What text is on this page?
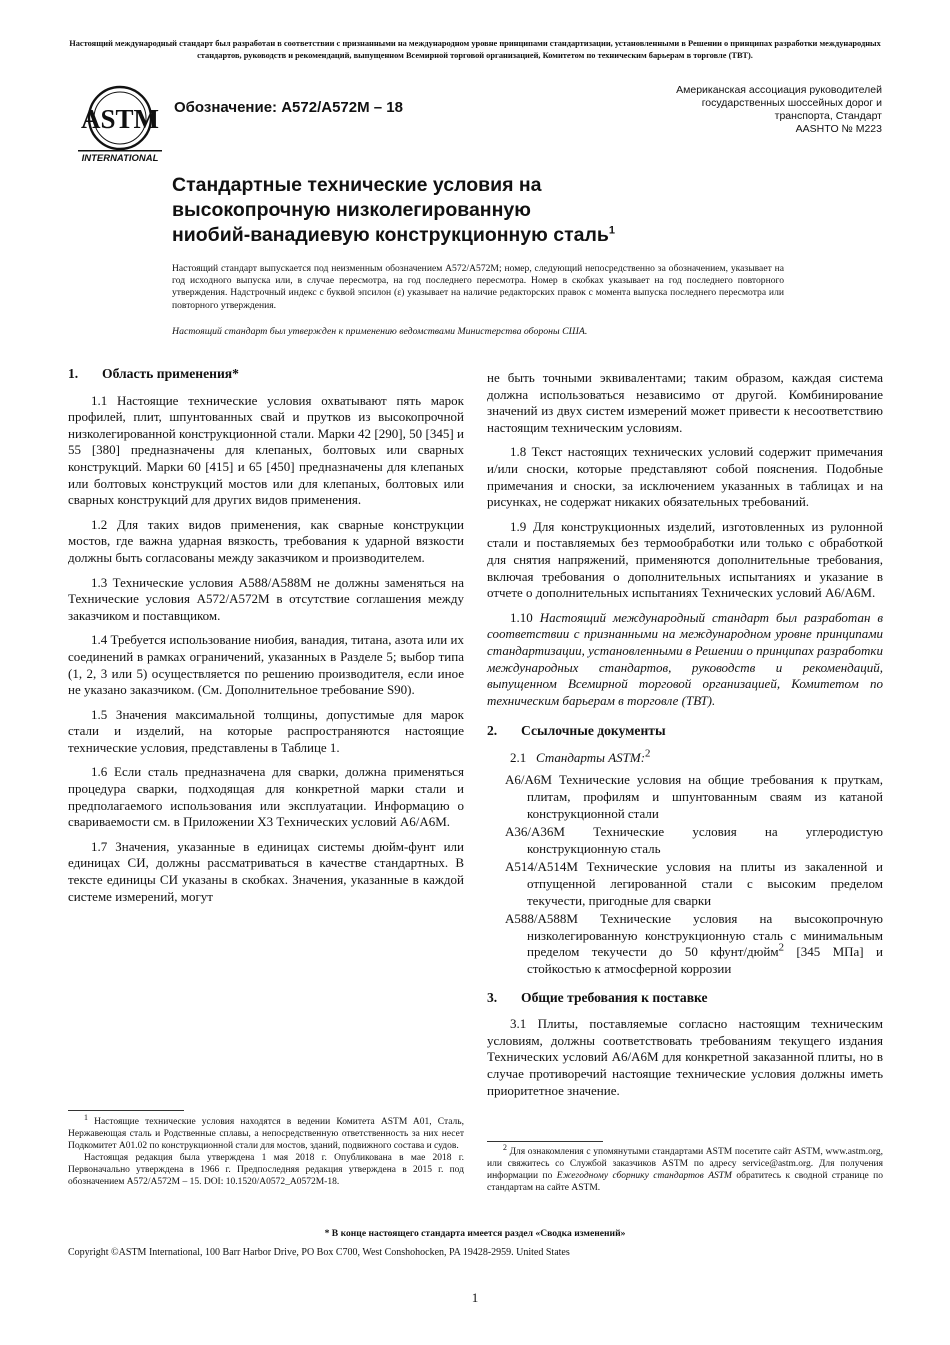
Настоящий международный стандарт был разработан в соответствии с признанными на международном уровне принципами стандартизации, установленными в Решении о принципах разработки международных стандартов, руководств и рекомендаций, выпущенном Всемирной торговой организацией, Комитетом по техническим барьерам в торговле (ТВТ).
ASTM
INTERNATIONAL
Обозначение: A572/A572M – 18
Американская ассоциация руководителей
государственных шоссейных дорог и
транспорта, Стандарт
AASHTO № M223
Стандартные технические условия на
высокопрочную низколегированную
ниобий-ванадиевую конструкционную сталь$^1$
Настоящий стандарт выпускается под неизменным обозначением A572/A572M; номер, следующий непосредственно за обозначением, указывает на год исходного выпуска или, в случае пересмотра, на год последнего пересмотра. Номер в скобках указывает на год последнего повторного утверждения. Надстрочный индекс с буквой эпсилон (ε) указывает на наличие редакторских правок с момента выпуска последнего пересмотра или повторного утверждения.
Настоящий стандарт был утвержден к применению ведомствами Министерства обороны США.
1.	Область применения*

1.1 Настоящие технические условия охватывают пять марок профилей, плит, шпунтованных свай и прутков из высокопрочной низколегированной конструкционной стали. Марки 42 [290], 50 [345] и 55 [380] предназначены для клепаных, болтовых или сварных конструкций. Марки 60 [415] и 65 [450] предназначены для клепаных или болтовых конструкций мостов или для клепаных, болтовых или сварных конструкций для других видов применения.

1.2 Для таких видов применения, как сварные конструкции мостов, где важна ударная вязкость, требования к ударной вязкости должны быть согласованы между заказчиком и производителем.

1.3 Технические условия A588/A588M не должны заменяться на Технические условия A572/A572M в отсутствие соглашения между заказчиком и поставщиком.

1.4 Требуется использование ниобия, ванадия, титана, азота или их соединений в рамках ограничений, указанных в Разделе 5; выбор типа (1, 2, 3 или 5) осуществляется по решению производителя, если иное не указано заказчиком. (См. Дополнительное требование S90).

1.5 Значения максимальной толщины, допустимые для марок стали и изделий, на которые распространяются настоящие технические условия, представлены в Таблице 1.

1.6 Если сталь предназначена для сварки, должна применяться процедура сварки, подходящая для конкретной марки стали и предполагаемого использования или эксплуатации. Информацию о свариваемости см. в Приложении X3 Технических условий A6/A6M.

1.7 Значения, указанные в единицах системы дюйм-фунт или единицах СИ, должны рассматриваться в качестве стандартных. В тексте единицы СИ указаны в скобках. Значения, указанные в каждой системе измерений, могут

не быть точными эквивалентами; таким образом, каждая система должна использоваться независимо от другой. Комбинирование значений из двух систем измерений может привести к несоответствию настоящим техническим условиям.

1.8 Текст настоящих технических условий содержит примечания и/или сноски, которые представляют собой пояснения. Подобные примечания и сноски, за исключением указанных в таблицах и на рисунках, не содержат никаких обязательных требований.

1.9 Для конструкционных изделий, изготовленных из рулонной стали и поставляемых без термообработки или только с обработкой для снятия напряжений, применяются дополнительные требования, включая требования о дополнительных испытаниях и указание в отчете о дополнительных испытаниях Технических условий A6/A6M.

1.10 Настоящий международный стандарт был разработан в соответствии с признанными на международном уровне принципами стандартизации, установленными в Решении о принципах разработки международных стандартов, руководств и рекомендаций, выпущенном Всемирной торговой организацией, Комитетом по техническим барьерам в торговле (ТВТ).

2.	Ссылочные документы
2.1 Стандарты ASTM:$^2$
A6/A6M Технические условия на общие требования к пруткам, плитам, профилям и шпунтованным сваям из катаной конструкционной стали
A36/A36M Технические условия на углеродистую конструкционную сталь
A514/A514M Технические условия на плиты из закаленной и отпущенной легированной стали с высоким пределом текучести, пригодные для сварки
A588/A588M Технические условия на высокопрочную низколегированную конструкционную сталь с минимальным пределом текучести до 50 кфунт/дюйм$^2$ [345 МПа] и стойкостью к атмосферной коррозии
3.	Общие требования к поставке

3.1 Плиты, поставляемые согласно настоящим техническим условиям, должны соответствовать требованиям текущего издания Технических условий A6/A6M для конкретной заказанной плиты, но в случае противоречий настоящие технические условия должны иметь приоритетное значение.

$^1$ Настоящие технические условия находятся в ведении Комитета ASTM A01, Сталь, Нержавеющая сталь и Родственные сплавы, а непосредственную ответственность за них несет Подкомитет A01.02 по конструкционной стали для мостов, зданий, подвижного состава и судов.

Настоящая редакция была утверждена 1 мая 2018 г. Опубликована в мае 2018 г. Первоначально утверждена в 1966 г. Предпоследняя редакция утверждена в 2015 г. под обозначением A572/A572M – 15. DOI: 10.1520/A0572_A0572M-18.

$^2$ Для ознакомления с упомянутыми стандартами ASTM посетите сайт ASTM, www.astm.org, или свяжитесь со Службой заказчиков ASTM по адресу service@astm.org. Для получения информации по Ежегодному сборнику стандартов ASTM обратитесь к сводной странице по стандартам на сайте ASTM.

* В конце настоящего стандарта имеется раздел «Сводка изменений»
Copyright ©ASTM International, 100 Barr Harbor Drive, PO Box C700, West Conshohocken, PA 19428-2959. United States
1
